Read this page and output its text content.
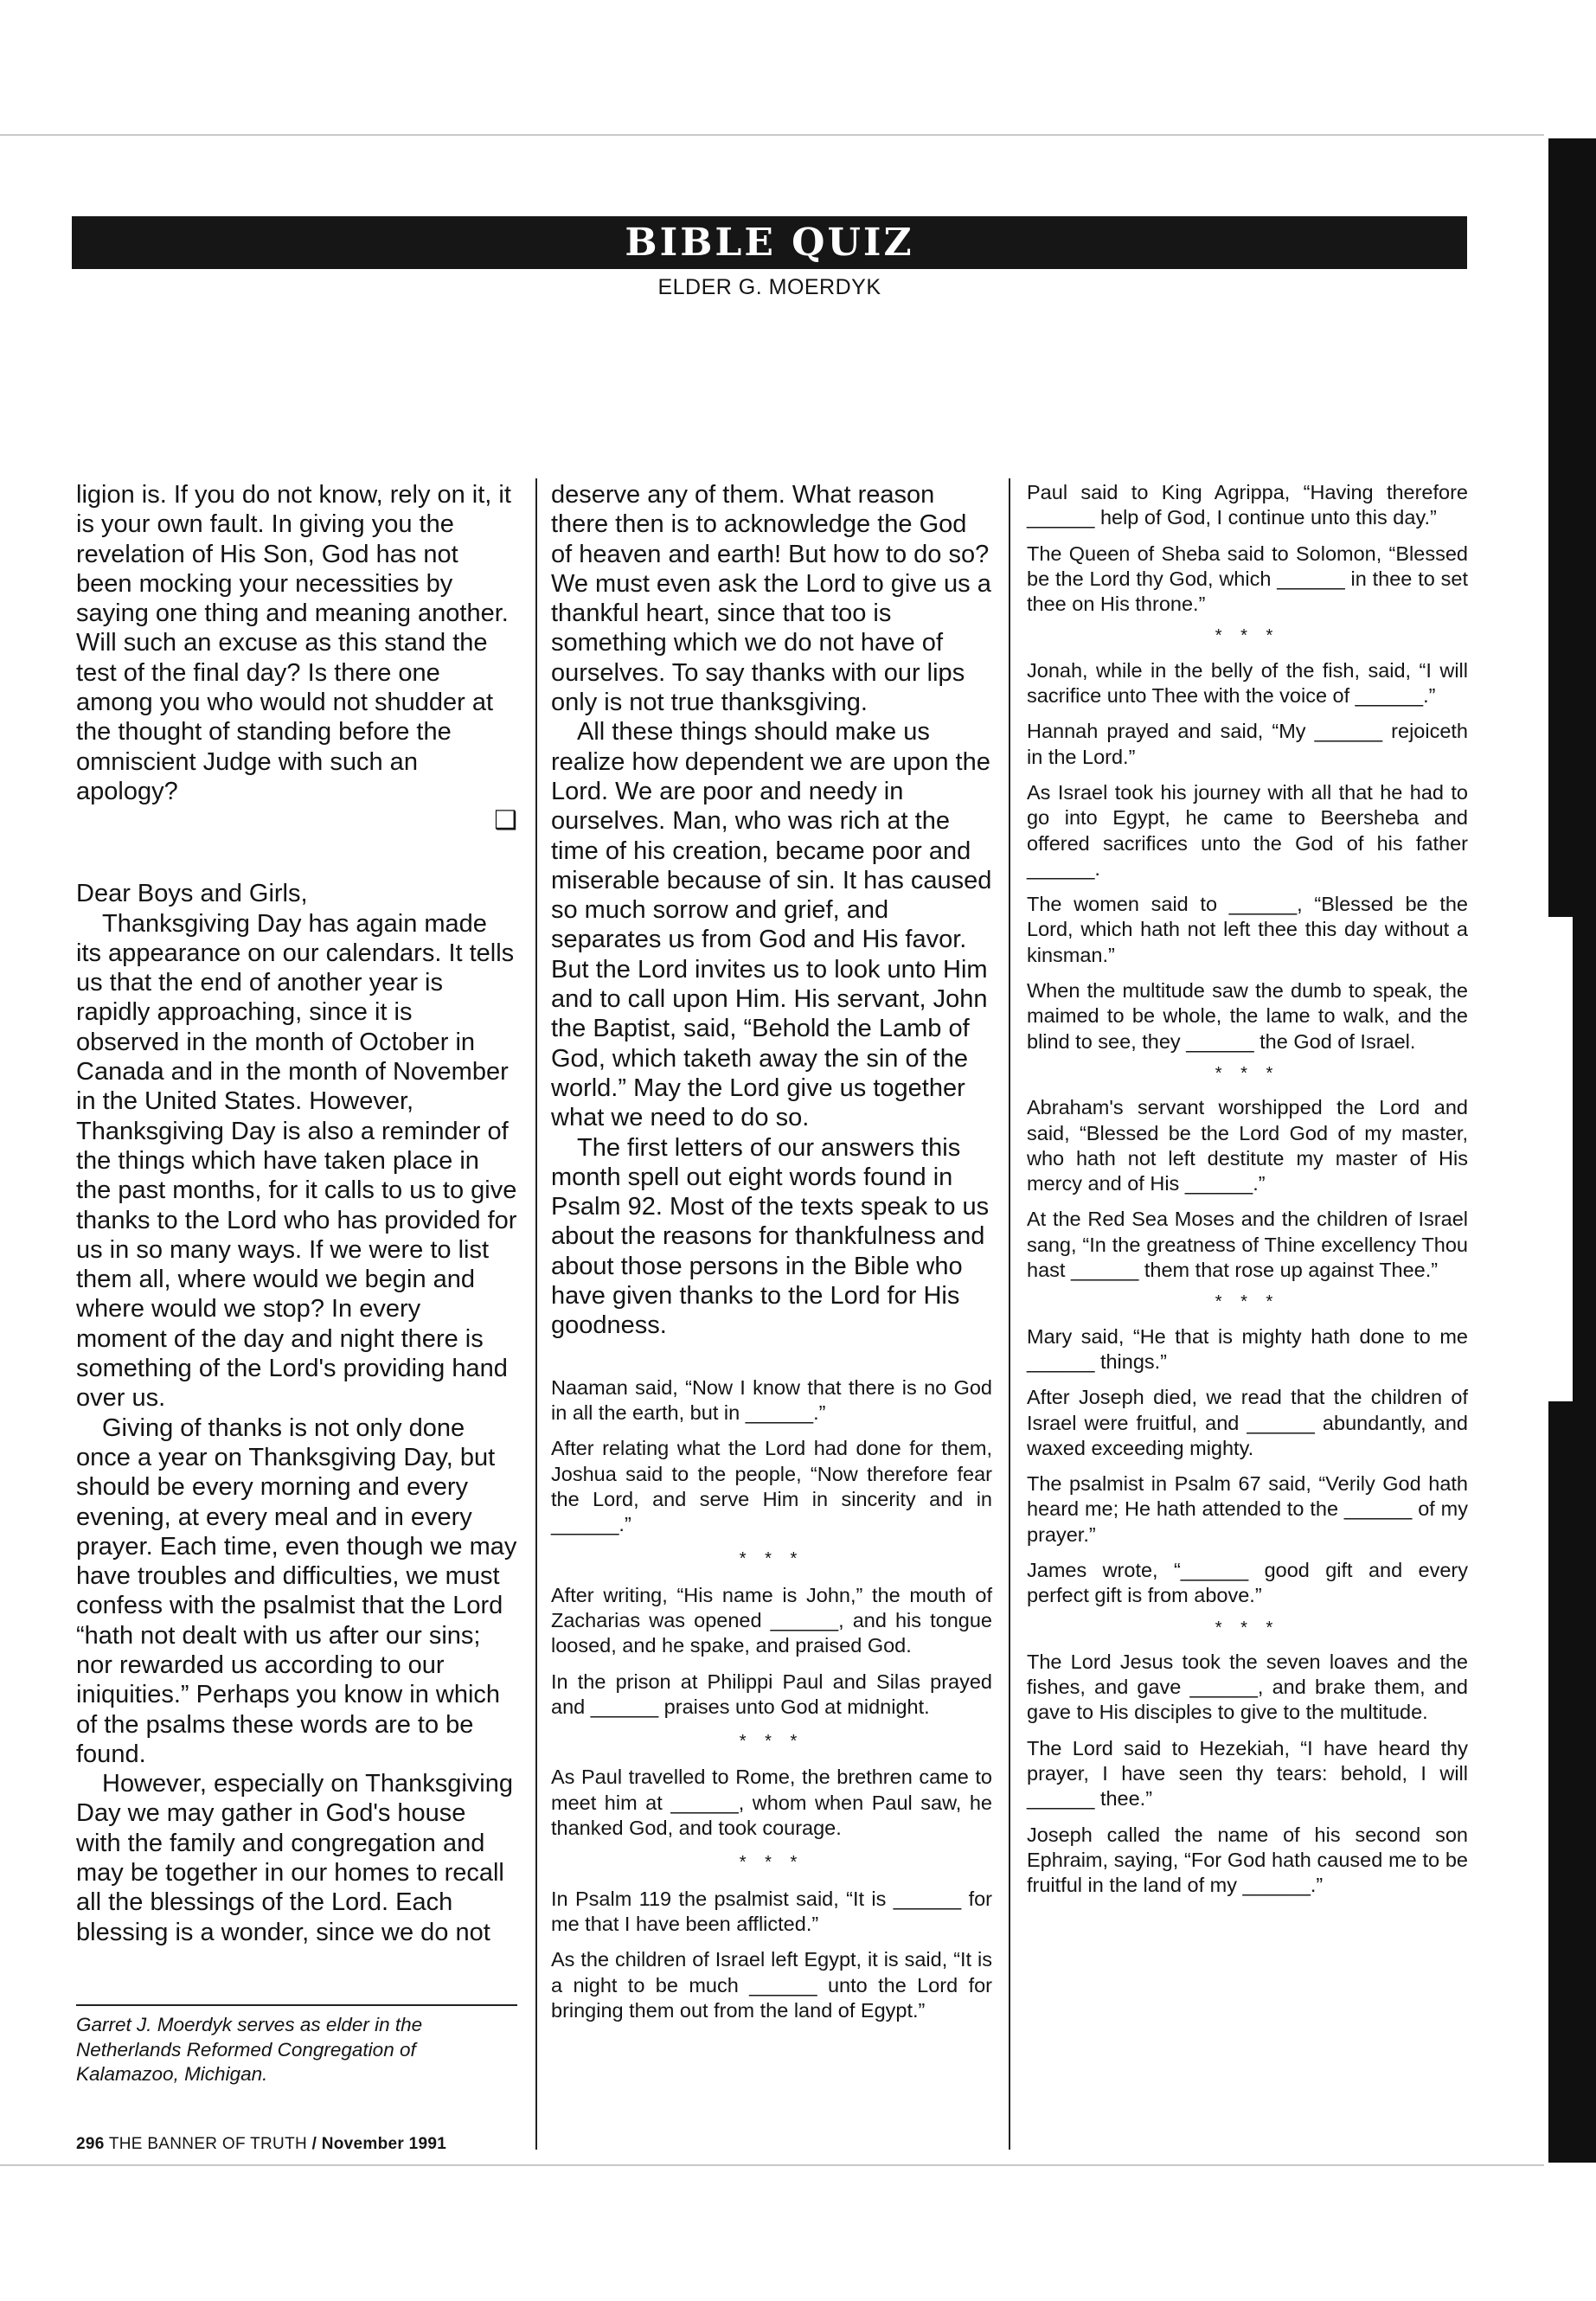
BIBLE QUIZ
ELDER G. MOERDYK

ligion is. If you do not know, rely on it, it is your own fault. In giving you the revelation of His Son, God has not been mocking your necessities by saying one thing and meaning another. Will such an excuse as this stand the test of the final day? Is there one among you who would not shudder at the thought of standing before the omniscient Judge with such an apology?

❑

Dear Boys and Girls,

Thanksgiving Day has again made its appearance on our calendars. It tells us that the end of another year is rapidly approaching, since it is observed in the month of October in Canada and in the month of November in the United States. However, Thanksgiving Day is also a reminder of the things which have taken place in the past months, for it calls to us to give thanks to the Lord who has provided for us in so many ways. If we were to list them all, where would we begin and where would we stop? In every moment of the day and night there is something of the Lord's providing hand over us.

Giving of thanks is not only done once a year on Thanksgiving Day, but should be every morning and every evening, at every meal and in every prayer. Each time, even though we may have troubles and difficulties, we must confess with the psalmist that the Lord “hath not dealt with us after our sins; nor rewarded us according to our iniquities.” Perhaps you know in which of the psalms these words are to be found.

However, especially on Thanksgiving Day we may gather in God's house with the family and congregation and may be together in our homes to recall all the blessings of the Lord. Each blessing is a wonder, since we do not

Garret J. Moerdyk serves as elder in the Netherlands Reformed Congregation of Kalamazoo, Michigan.
296 THE BANNER OF TRUTH / November 1991

deserve any of them. What reason there then is to acknowledge the God of heaven and earth! But how to do so? We must even ask the Lord to give us a thankful heart, since that too is something which we do not have of ourselves. To say thanks with our lips only is not true thanksgiving.

All these things should make us realize how dependent we are upon the Lord. We are poor and needy in ourselves. Man, who was rich at the time of his creation, became poor and miserable because of sin. It has caused so much sorrow and grief, and separates us from God and His favor. But the Lord invites us to look unto Him and to call upon Him. His servant, John the Baptist, said, “Behold the Lamb of God, which taketh away the sin of the world.” May the Lord give us together what we need to do so.

The first letters of our answers this month spell out eight words found in Psalm 92. Most of the texts speak to us about the reasons for thankfulness and about those persons in the Bible who have given thanks to the Lord for His goodness.

Naaman said, “Now I know that there is no God in all the earth, but in ______.”

After relating what the Lord had done for them, Joshua said to the people, “Now therefore fear the Lord, and serve Him in sincerity and in ______.”

* * *

After writing, “His name is John,” the mouth of Zacharias was opened ______, and his tongue loosed, and he spake, and praised God.

In the prison at Philippi Paul and Silas prayed and ______ praises unto God at midnight.

* * *

As Paul travelled to Rome, the brethren came to meet him at ______, whom when Paul saw, he thanked God, and took courage.

* * *

In Psalm 119 the psalmist said, “It is ______ for me that I have been afflicted.”

As the children of Israel left Egypt, it is said, “It is a night to be much ______ unto the Lord for bringing them out from the land of Egypt.”

Paul said to King Agrippa, “Having therefore ______ help of God, I continue unto this day.”

The Queen of Sheba said to Solomon, “Blessed be the Lord thy God, which ______ in thee to set thee on His throne.”

* * *

Jonah, while in the belly of the fish, said, “I will sacrifice unto Thee with the voice of ______.”

Hannah prayed and said, “My ______ rejoiceth in the Lord.”

As Israel took his journey with all that he had to go into Egypt, he came to Beersheba and offered sacrifices unto the God of his father ______.

The women said to ______, “Blessed be the Lord, which hath not left thee this day without a kinsman.”

When the multitude saw the dumb to speak, the maimed to be whole, the lame to walk, and the blind to see, they ______ the God of Israel.

* * *

Abraham's servant worshipped the Lord and said, “Blessed be the Lord God of my master, who hath not left destitute my master of His mercy and of His ______.”

At the Red Sea Moses and the children of Israel sang, “In the greatness of Thine excellency Thou hast ______ them that rose up against Thee.”

* * *

Mary said, “He that is mighty hath done to me ______ things.”

After Joseph died, we read that the children of Israel were fruitful, and ______ abundantly, and waxed exceeding mighty.

The psalmist in Psalm 67 said, “Verily God hath heard me; He hath attended to the ______ of my prayer.”

James wrote, “______ good gift and every perfect gift is from above.”

* * *

The Lord Jesus took the seven loaves and the fishes, and gave ______, and brake them, and gave to His disciples to give to the multitude.

The Lord said to Hezekiah, “I have heard thy prayer, I have seen thy tears: behold, I will ______ thee.”

Joseph called the name of his second son Ephraim, saying, “For God hath caused me to be fruitful in the land of my ______.”
